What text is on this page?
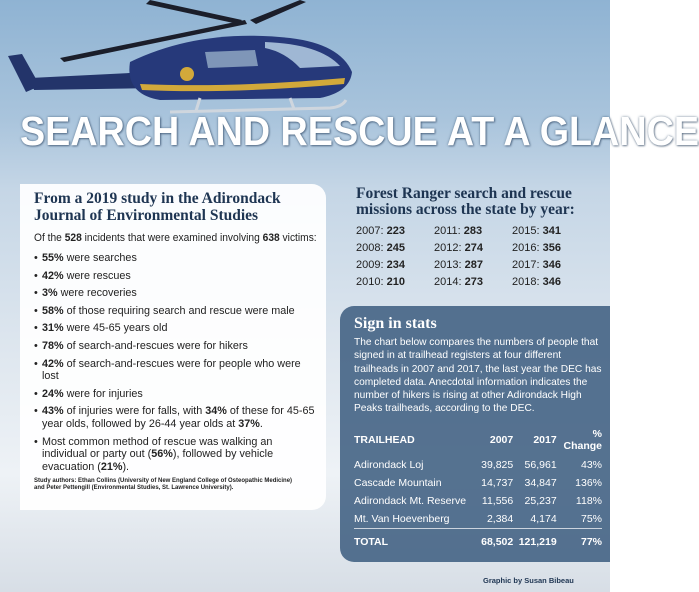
SEARCH AND RESCUE AT A GLANCE
From a 2019 study in the Adirondack Journal of Environmental Studies

Of the 528 incidents that were examined involving 638 victims:

• 55% were searches
• 42% were rescues
• 3% were recoveries
• 58% of those requiring search and rescue were male
• 31% were 45-65 years old
• 78% of search-and-rescues were for hikers
• 42% of search-and-rescues were for people who were lost
• 24% were for injuries
• 43% of injuries were for falls, with 34% of these for 45-65 year olds, followed by 26-44 year olds at 37%.
• Most common method of rescue was walking an individual or party out (56%), followed by vehicle evacuation (21%).

Study authors: Ethan Collins (University of New England College of Osteopathic Medicine)
and Peter Pettengill (Environmental Studies, St. Lawrence University).

Forest Ranger search and rescue
missions across the state by year:
2007: 223	2011: 283	2015: 341
2008: 245	2012: 274	2016: 356
2009: 234	2013: 287	2017: 346
2010: 210	2014: 273	2018: 346
Sign in stats

The chart below compares the numbers of people that signed in at trailhead registers at four different trailheads in 2007 and 2017, the last year the DEC has completed data. Anecdotal information indicates the number of hikers is rising at other Adirondack High Peaks trailheads, according to the DEC.

TRAILHEAD	2007	2017	% Change
Adirondack Loj	39,825	56,961	43%
Cascade Mountain	14,737	34,847	136%
Adirondack Mt. Reserve	11,556	25,237	118%
Mt. Van Hoevenberg	2,384	4,174	75%

TOTAL	68,502	121,219	77%

Graphic by Susan Bibeau
